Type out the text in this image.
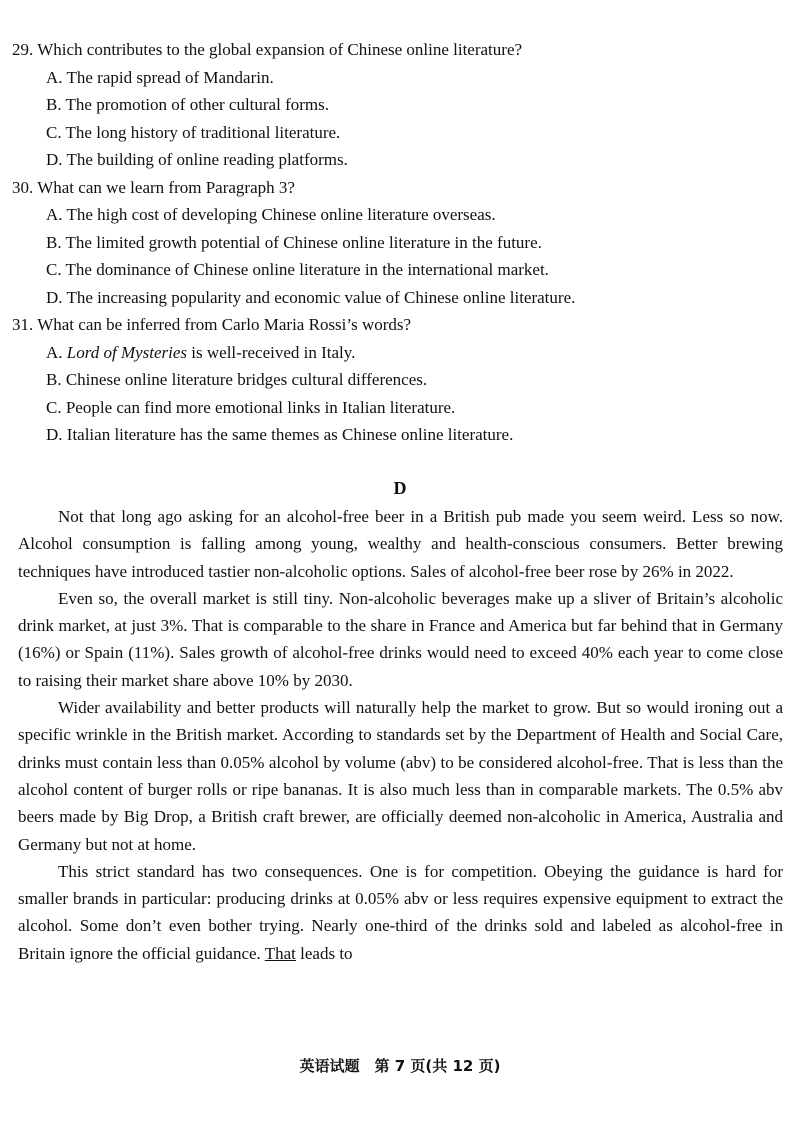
29. Which contributes to the global expansion of Chinese online literature?
A. The rapid spread of Mandarin.
B. The promotion of other cultural forms.
C. The long history of traditional literature.
D. The building of online reading platforms.
30. What can we learn from Paragraph 3?
A. The high cost of developing Chinese online literature overseas.
B. The limited growth potential of Chinese online literature in the future.
C. The dominance of Chinese online literature in the international market.
D. The increasing popularity and economic value of Chinese online literature.
31. What can be inferred from Carlo Maria Rossi’s words?
A. Lord of Mysteries is well-received in Italy.
B. Chinese online literature bridges cultural differences.
C. People can find more emotional links in Italian literature.
D. Italian literature has the same themes as Chinese online literature.
D

Not that long ago asking for an alcohol-free beer in a British pub made you seem weird. Less so now. Alcohol consumption is falling among young, wealthy and health-conscious consumers. Better brewing techniques have introduced tastier non-alcoholic options. Sales of alcohol-free beer rose by 26% in 2022.

Even so, the overall market is still tiny. Non-alcoholic beverages make up a sliver of Britain’s alcoholic drink market, at just 3%. That is comparable to the share in France and America but far behind that in Germany (16%) or Spain (11%). Sales growth of alcohol-free drinks would need to exceed 40% each year to come close to raising their market share above 10% by 2030.

Wider availability and better products will naturally help the market to grow. But so would ironing out a specific wrinkle in the British market. According to standards set by the Department of Health and Social Care, drinks must contain less than 0.05% alcohol by volume (abv) to be considered alcohol-free. That is less than the alcohol content of burger rolls or ripe bananas. It is also much less than in comparable markets. The 0.5% abv beers made by Big Drop, a British craft brewer, are officially deemed non-alcoholic in America, Australia and Germany but not at home.

This strict standard has two consequences. One is for competition. Obeying the guidance is hard for smaller brands in particular: producing drinks at 0.05% abv or less requires expensive equipment to extract the alcohol. Some don’t even bother trying. Nearly one-third of the drinks sold and labeled as alcohol-free in Britain ignore the official guidance. That leads to

英语试题　第 7 页(共 12 页)
